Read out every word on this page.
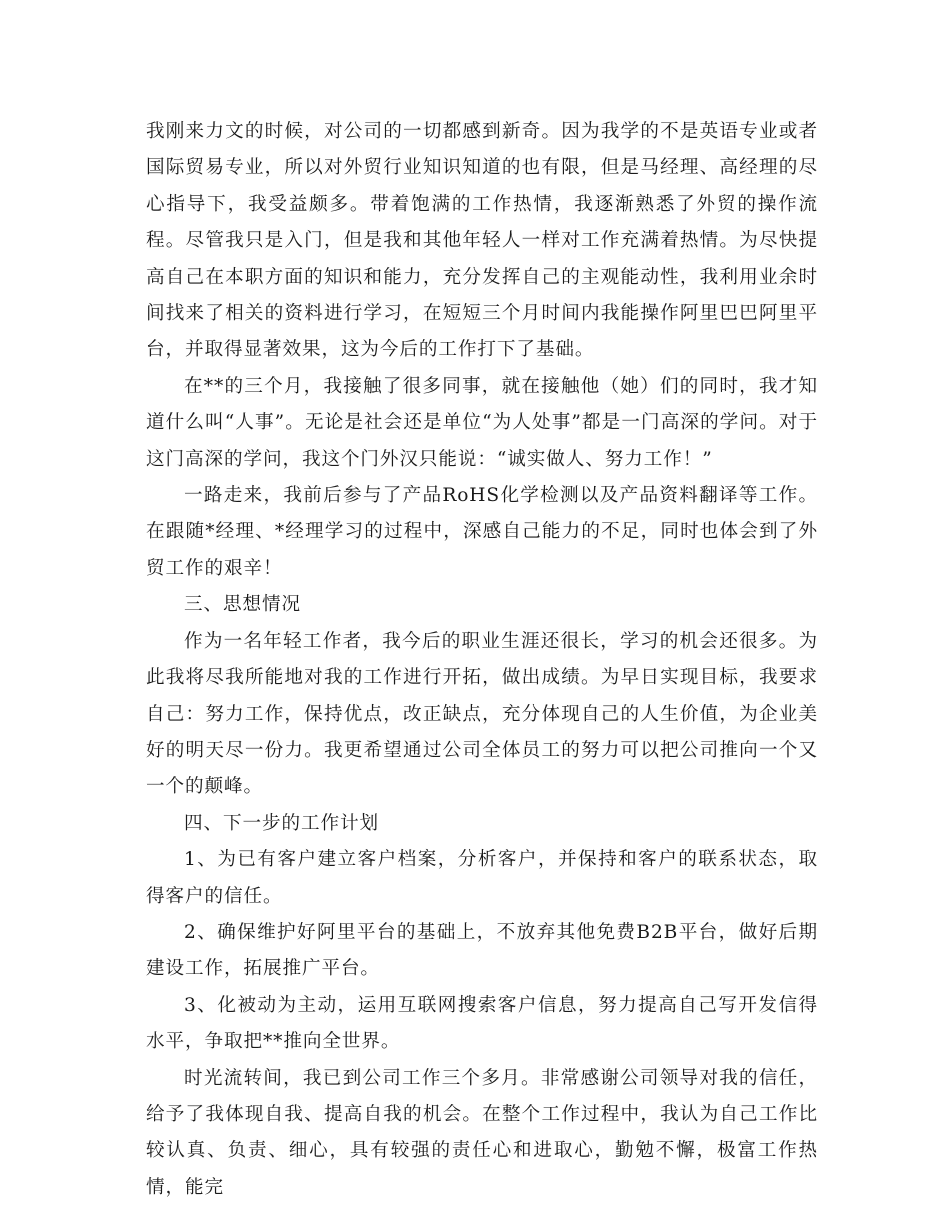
我刚来力文的时候，对公司的一切都感到新奇。因为我学的不是英语专业或者国际贸易专业，所以对外贸行业知识知道的也有限，但是马经理、高经理的尽心指导下，我受益颇多。带着饱满的工作热情，我逐渐熟悉了外贸的操作流程。尽管我只是入门，但是我和其他年轻人一样对工作充满着热情。为尽快提高自己在本职方面的知识和能力，充分发挥自己的主观能动性，我利用业余时间找来了相关的资料进行学习，在短短三个月时间内我能操作阿里巴巴阿里平台，并取得显著效果，这为今后的工作打下了基础。

在**的三个月，我接触了很多同事，就在接触他（她）们的同时，我才知道什么叫“人事”。无论是社会还是单位“为人处事”都是一门高深的学问。对于这门高深的学问，我这个门外汉只能说：“诚实做人、努力工作！”

一路走来，我前后参与了产品RoHS化学检测以及产品资料翻译等工作。在跟随*经理、*经理学习的过程中，深感自己能力的不足，同时也体会到了外贸工作的艰辛！

三、思想情况

作为一名年轻工作者，我今后的职业生涯还很长，学习的机会还很多。为此我将尽我所能地对我的工作进行开拓，做出成绩。为早日实现目标，我要求自己：努力工作，保持优点，改正缺点，充分体现自己的人生价值，为企业美好的明天尽一份力。我更希望通过公司全体员工的努力可以把公司推向一个又一个的颠峰。

四、下一步的工作计划

1、为已有客户建立客户档案，分析客户，并保持和客户的联系状态，取得客户的信任。

2、确保维护好阿里平台的基础上，不放弃其他免费B2B平台，做好后期建设工作，拓展推广平台。

3、化被动为主动，运用互联网搜索客户信息，努力提高自己写开发信得水平，争取把**推向全世界。

时光流转间，我已到公司工作三个多月。非常感谢公司领导对我的信任，给予了我体现自我、提高自我的机会。在整个工作过程中，我认为自己工作比较认真、负责、细心，具有较强的责任心和进取心，勤勉不懈，极富工作热情，能完
